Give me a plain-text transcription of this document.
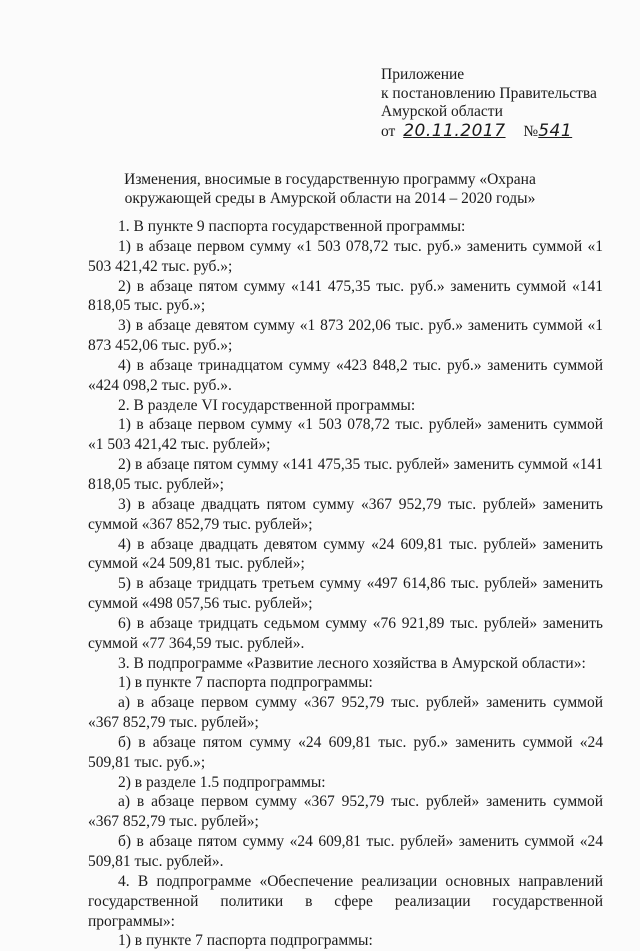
Приложение
к постановлению Правительства
Амурской области
от 20.11.2017 №541
Изменения, вносимые в государственную программу «Охрана окружающей среды в Амурской области на 2014 – 2020 годы»

1. В пункте 9 паспорта государственной программы:

1) в абзаце первом сумму «1 503 078,72 тыс. руб.» заменить суммой «1 503 421,42 тыс. руб.»;

2) в абзаце пятом сумму «141 475,35 тыс. руб.» заменить суммой «141 818,05 тыс. руб.»;

3) в абзаце девятом сумму «1 873 202,06 тыс. руб.» заменить суммой «1 873 452,06 тыс. руб.»;

4) в абзаце тринадцатом сумму «423 848,2 тыс. руб.» заменить суммой «424 098,2 тыс. руб.».

2. В разделе VI государственной программы:

1) в абзаце первом сумму «1 503 078,72 тыс. рублей» заменить суммой «1 503 421,42 тыс. рублей»;

2) в абзаце пятом сумму «141 475,35 тыс. рублей» заменить суммой «141 818,05 тыс. рублей»;

3) в абзаце двадцать пятом сумму «367 952,79 тыс. рублей» заменить суммой «367 852,79 тыс. рублей»;

4) в абзаце двадцать девятом сумму «24 609,81 тыс. рублей» заменить суммой «24 509,81 тыс. рублей»;

5) в абзаце тридцать третьем сумму «497 614,86 тыс. рублей» заменить суммой «498 057,56 тыс. рублей»;

6) в абзаце тридцать седьмом сумму «76 921,89 тыс. рублей» заменить суммой «77 364,59 тыс. рублей».

3. В подпрограмме «Развитие лесного хозяйства в Амурской области»:

1) в пункте 7 паспорта подпрограммы:

а) в абзаце первом сумму «367 952,79 тыс. рублей» заменить суммой «367 852,79 тыс. рублей»;

б) в абзаце пятом сумму «24 609,81 тыс. руб.» заменить суммой «24 509,81 тыс. руб.»;

2) в разделе 1.5 подпрограммы:

а) в абзаце первом сумму «367 952,79 тыс. рублей» заменить суммой «367 852,79 тыс. рублей»;

б) в абзаце пятом сумму «24 609,81 тыс. рублей» заменить суммой «24 509,81 тыс. рублей».

4. В подпрограмме «Обеспечение реализации основных направлений государственной политики в сфере реализации государственной программы»:

1) в пункте 7 паспорта подпрограммы:
